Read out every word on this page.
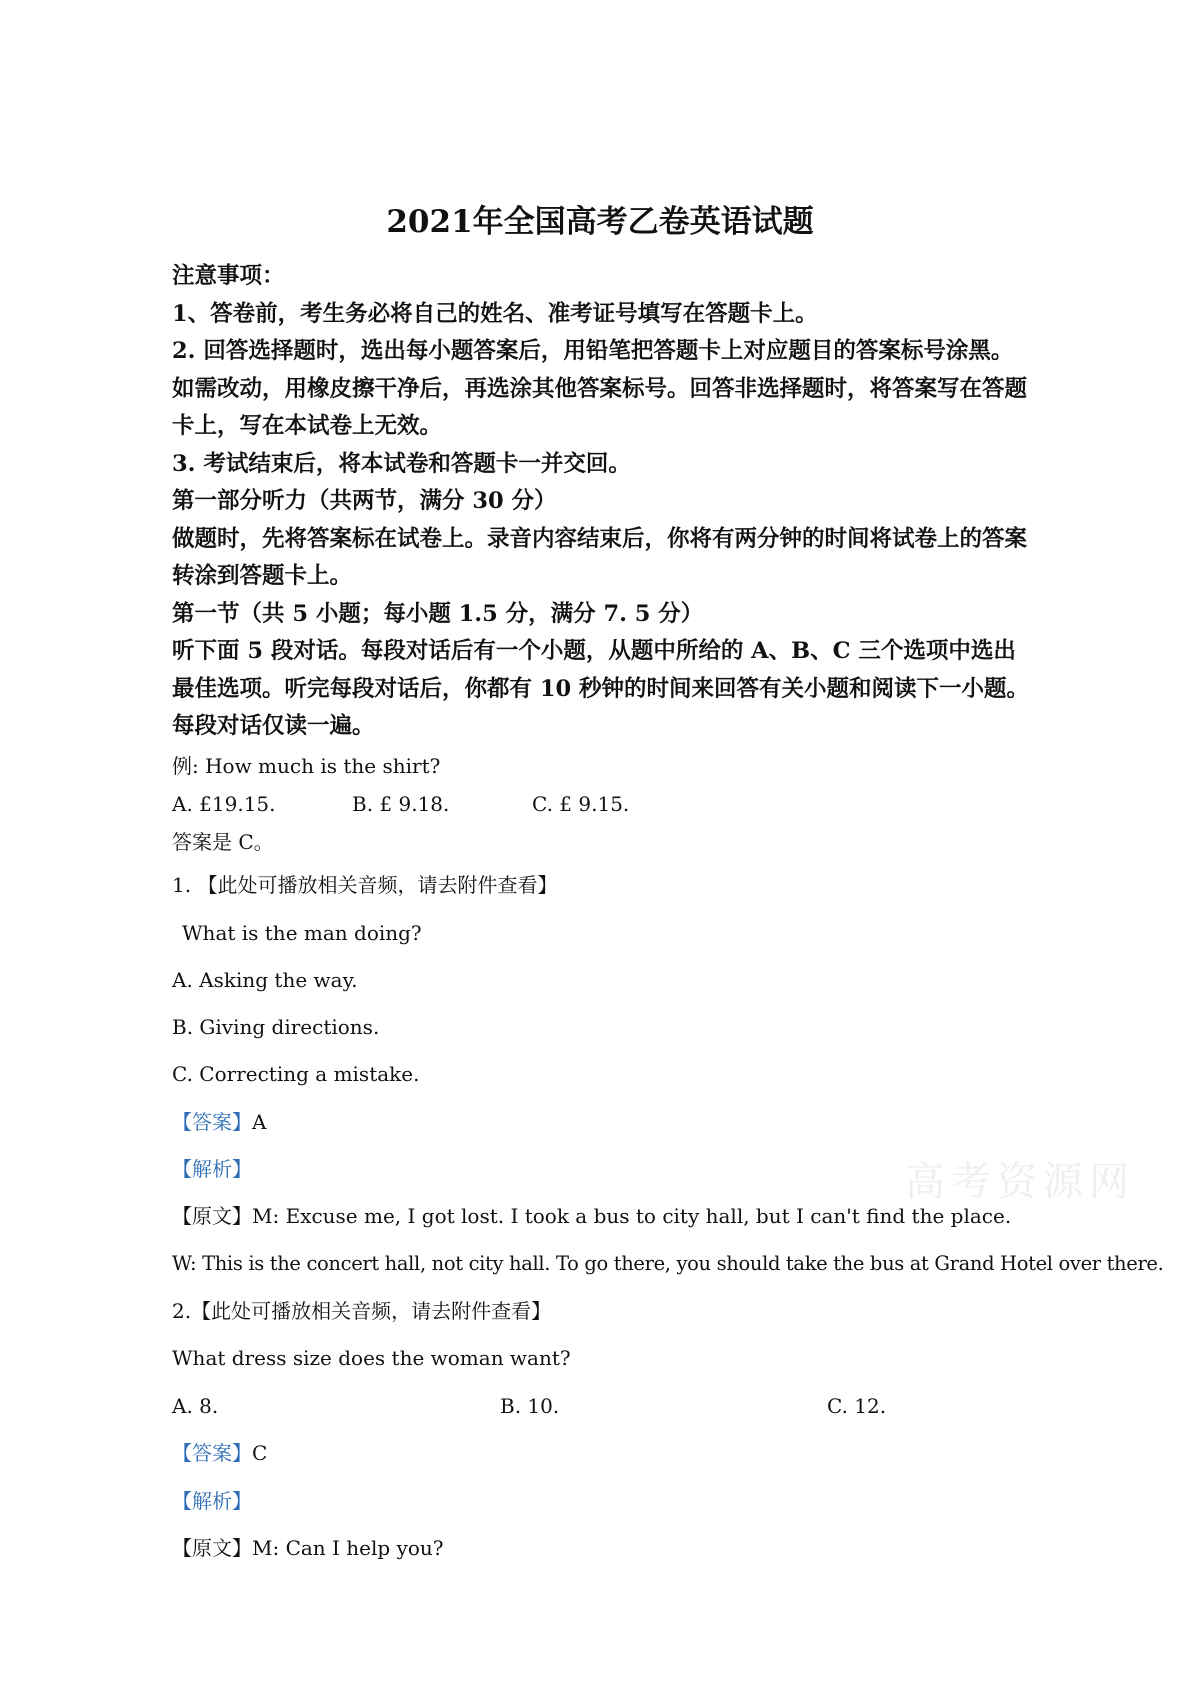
2021年全国高考乙卷英语试题

注意事项：

1、答卷前，考生务必将自己的姓名、准考证号填写在答题卡上。

2. 回答选择题时，选出每小题答案后，用铅笔把答题卡上对应题目的答案标号涂黑。如需改动，用橡皮擦干净后，再选涂其他答案标号。回答非选择题时，将答案写在答题卡上，写在本试卷上无效。

3. 考试结束后，将本试卷和答题卡一并交回。

第一部分听力（共两节，满分 30 分）

做题时，先将答案标在试卷上。录音内容结束后，你将有两分钟的时间将试卷上的答案转涂到答题卡上。

第一节（共 5 小题；每小题 1.5 分，满分 7. 5 分）

听下面 5 段对话。每段对话后有一个小题，从题中所给的 A、B、C 三个选项中选出最佳选项。听完每段对话后，你都有 10 秒钟的时间来回答有关小题和阅读下一小题。每段对话仅读一遍。

例: How much is the shirt?

A. £19.15.	B. £ 9.18.	C. £ 9.15.

答案是 C。

1. 【此处可播放相关音频，请去附件查看】

What is the man doing?

A. Asking the way.

B. Giving directions.

C. Correcting a mistake.

【答案】A

【解析】

【原文】M: Excuse me, I got lost. I took a bus to city hall, but I can't find the place.

W: This is the concert hall, not city hall. To go there, you should take the bus at Grand Hotel over there.

2.【此处可播放相关音频，请去附件查看】

What dress size does the woman want?

A. 8.	B. 10.	C. 12.

【答案】C

【解析】

【原文】M: Can I help you?

高考资源网
